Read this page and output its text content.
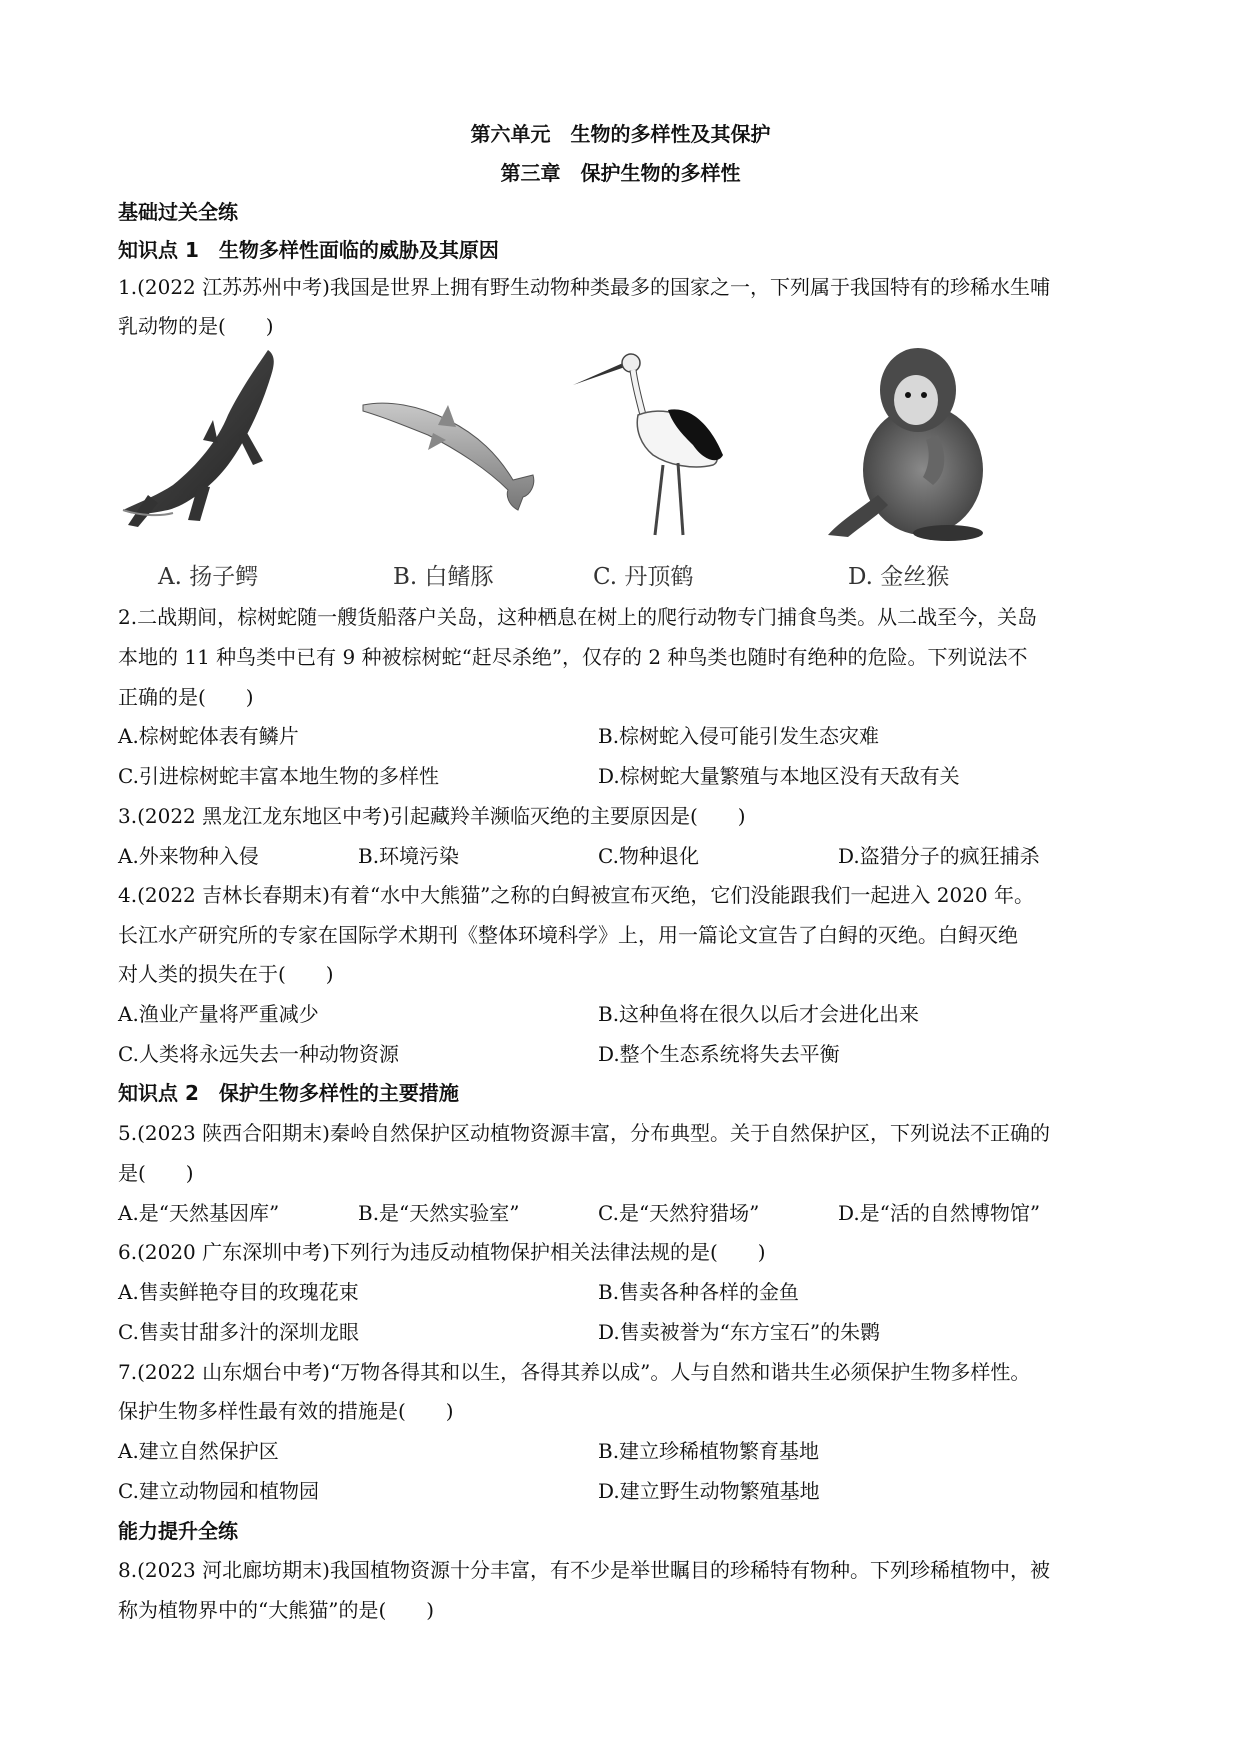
第六单元　生物的多样性及其保护
第三章　保护生物的多样性
基础过关全练
知识点 1　生物多样性面临的威胁及其原因
1.(2022 江苏苏州中考)我国是世界上拥有野生动物种类最多的国家之一，下列属于我国特有的珍稀水生哺
乳动物的是(　　)
A. 扬子鳄	B. 白鳍豚	C. 丹顶鹤	D. 金丝猴
2.二战期间，棕树蛇随一艘货船落户关岛，这种栖息在树上的爬行动物专门捕食鸟类。从二战至今，关岛
本地的 11 种鸟类中已有 9 种被棕树蛇“赶尽杀绝”，仅存的 2 种鸟类也随时有绝种的危险。下列说法不
正确的是(　　)
A.棕树蛇体表有鳞片	B.棕树蛇入侵可能引发生态灾难
C.引进棕树蛇丰富本地生物的多样性	D.棕树蛇大量繁殖与本地区没有天敌有关
3.(2022 黑龙江龙东地区中考)引起藏羚羊濒临灭绝的主要原因是(　　)
A.外来物种入侵	B.环境污染	C.物种退化	D.盗猎分子的疯狂捕杀
4.(2022 吉林长春期末)有着“水中大熊猫”之称的白鲟被宣布灭绝，它们没能跟我们一起进入 2020 年。
长江水产研究所的专家在国际学术期刊《整体环境科学》上，用一篇论文宣告了白鲟的灭绝。白鲟灭绝
对人类的损失在于(　　)
A.渔业产量将严重减少	B.这种鱼将在很久以后才会进化出来
C.人类将永远失去一种动物资源	D.整个生态系统将失去平衡
知识点 2　保护生物多样性的主要措施
5.(2023 陕西合阳期末)秦岭自然保护区动植物资源丰富，分布典型。关于自然保护区，下列说法不正确的
是(　　)
A.是“天然基因库”	B.是“天然实验室”	C.是“天然狩猎场”	D.是“活的自然博物馆”
6.(2020 广东深圳中考)下列行为违反动植物保护相关法律法规的是(　　)
A.售卖鲜艳夺目的玫瑰花束	B.售卖各种各样的金鱼
C.售卖甘甜多汁的深圳龙眼	D.售卖被誉为“东方宝石”的朱鹮
7.(2022 山东烟台中考)“万物各得其和以生，各得其养以成”。人与自然和谐共生必须保护生物多样性。
保护生物多样性最有效的措施是(　　)
A.建立自然保护区	B.建立珍稀植物繁育基地
C.建立动物园和植物园	D.建立野生动物繁殖基地
能力提升全练
8.(2023 河北廊坊期末)我国植物资源十分丰富，有不少是举世瞩目的珍稀特有物种。下列珍稀植物中，被
称为植物界中的“大熊猫”的是(　　)
